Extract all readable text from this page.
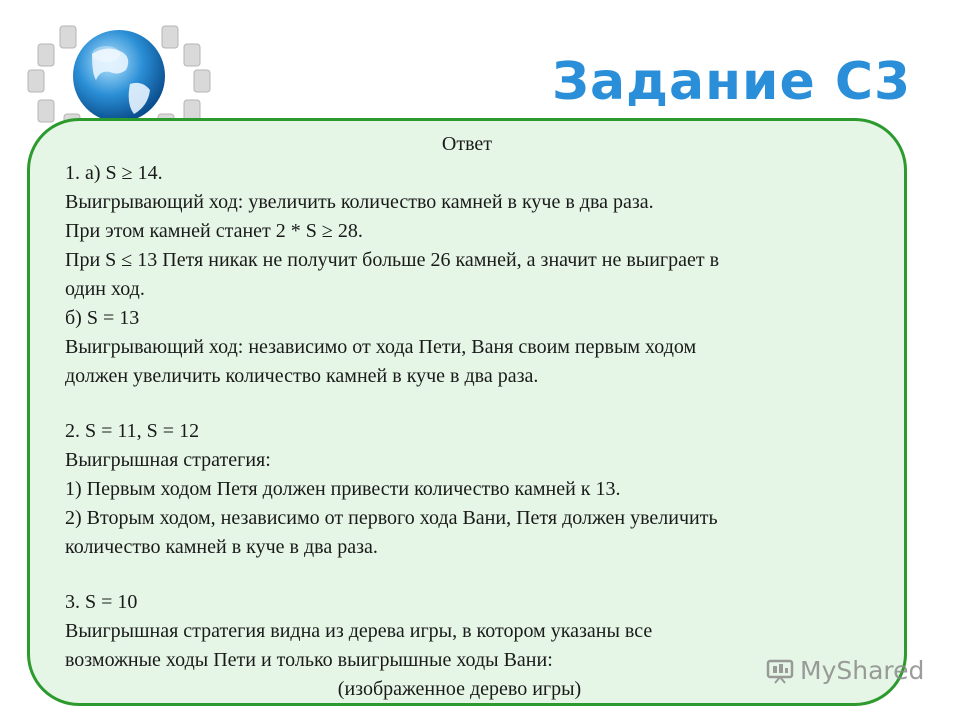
Задание С3
Ответ
1. а) S ≥ 14.
Выигрывающий ход: увеличить количество камней в куче в два раза.
При этом камней станет 2 * S ≥ 28.
При S ≤ 13 Петя никак не получит больше 26 камней, а значит не выиграет в
один ход.
б) S = 13
Выигрывающий ход: независимо от хода Пети, Ваня своим первым ходом
должен увеличить количество камней в куче в два раза.
2. S = 11, S = 12
Выигрышная стратегия:
1) Первым ходом Петя должен привести количество камней к 13.
2) Вторым ходом, независимо от первого хода Вани, Петя должен увеличить
количество камней в куче в два раза.
3. S = 10
Выигрышная стратегия видна из дерева игры, в котором указаны все
возможные ходы Пети и только выигрышные ходы Вани:
(изображенное дерево игры)
MyShared
